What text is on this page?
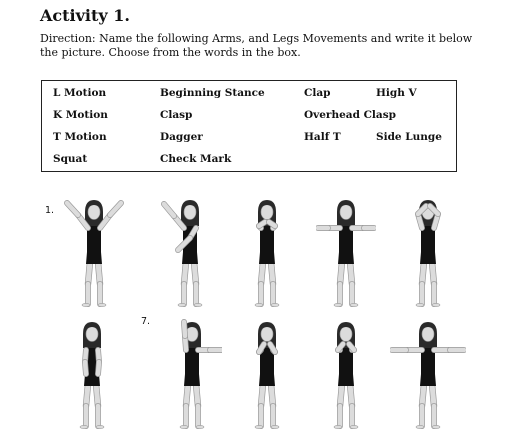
Activity 1.
Direction: Name the following Arms, and Legs Movements and write it below the picture. Choose from the words in the box.
L Motion	Beginning Stance	Clap	High V
K Motion	Clasp	Overhead Clasp
T Motion	Dagger	Half T	Side Lunge
Squat	Check Mark
1.
7.
